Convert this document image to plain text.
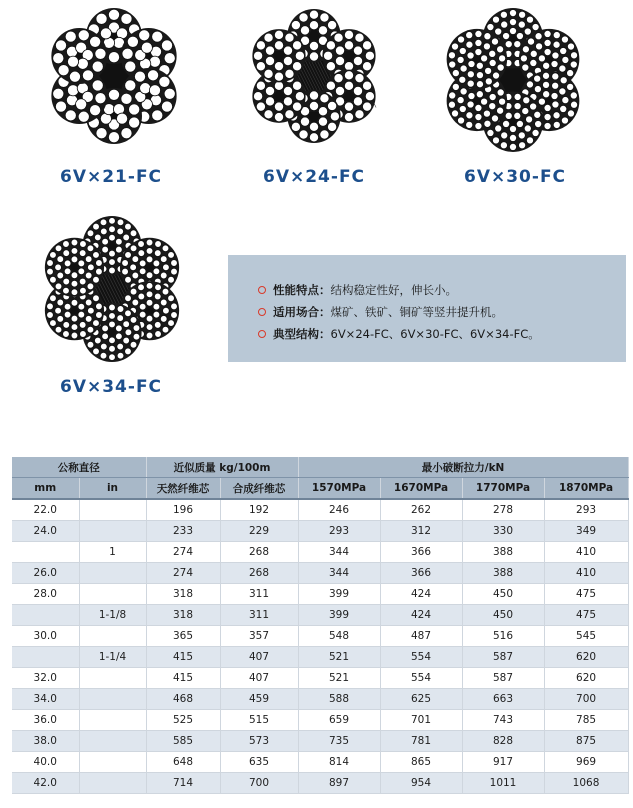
6V×21-FC	6V×24-FC	6V×30-FC
6V×34-FC
性能特点：结构稳定性好，伸长小。
适用场合：煤矿、铁矿、铜矿等竖井提升机。
典型结构：6V×24-FC、6V×30-FC、6V×34-FC。
公称直径		近似质量 kg/100m		最小破断拉力/kN			
mm	in	天然纤维芯	合成纤维芯	1570MPa	1670MPa	1770MPa	1870MPa
22.0		196	192	246	262	278	293
24.0		233	229	293	312	330	349
	1	274	268	344	366	388	410
26.0		274	268	344	366	388	410
28.0		318	311	399	424	450	475
	1-1/8	318	311	399	424	450	475
30.0		365	357	548	487	516	545
	1-1/4	415	407	521	554	587	620
32.0		415	407	521	554	587	620
34.0		468	459	588	625	663	700
36.0		525	515	659	701	743	785
38.0		585	573	735	781	828	875
40.0		648	635	814	865	917	969
42.0		714	700	897	954	1011	1068
